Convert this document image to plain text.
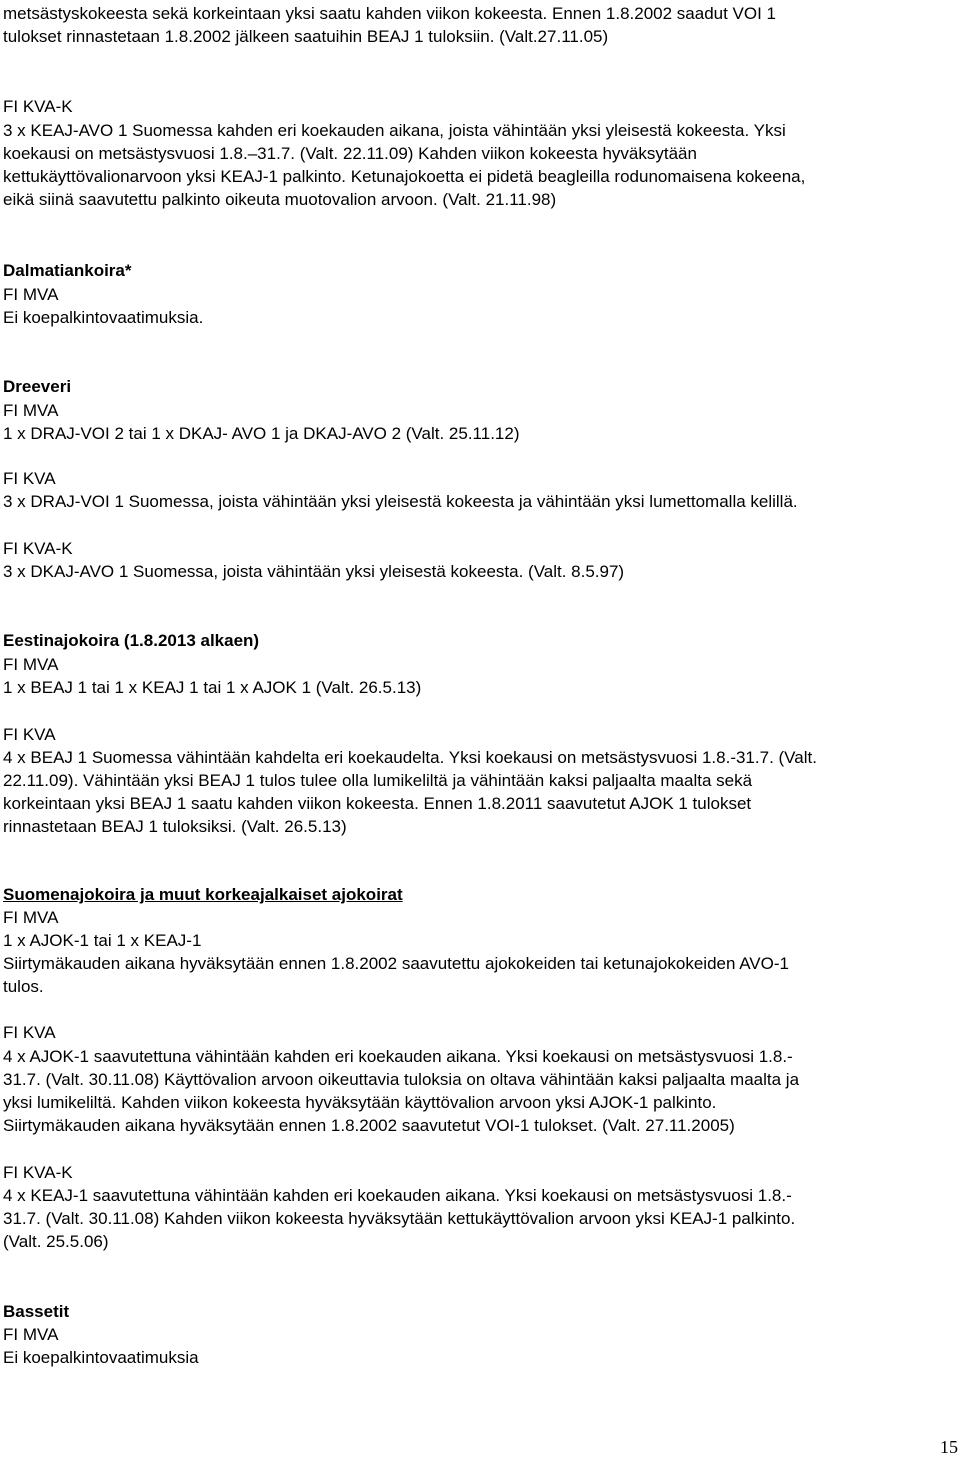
metsästyskokeesta sekä korkeintaan yksi saatu kahden viikon kokeesta. Ennen 1.8.2002 saadut VOI 1
tulokset rinnastetaan 1.8.2002 jälkeen saatuihin BEAJ 1 tuloksiin. (Valt.27.11.05)
FI KVA-K
3 x KEAJ-AVO 1 Suomessa kahden eri koekauden aikana, joista vähintään yksi yleisestä kokeesta. Yksi
koekausi on metsästysvuosi 1.8.–31.7. (Valt. 22.11.09) Kahden viikon kokeesta hyväksytään
kettukäyttövalionarvoon yksi KEAJ-1 palkinto. Ketunajokoetta ei pidetä beagleilla rodunomaisena kokeena,
eikä siinä saavutettu palkinto oikeuta muotovalion arvoon. (Valt. 21.11.98)
Dalmatiankoira*
FI MVA
Ei koepalkintovaatimuksia.
Dreeveri
FI MVA
1 x DRAJ-VOI 2 tai 1 x DKAJ- AVO 1 ja DKAJ-AVO 2 (Valt. 25.11.12)
FI KVA
3 x DRAJ-VOI 1 Suomessa, joista vähintään yksi yleisestä kokeesta ja vähintään yksi lumettomalla kelillä.
FI KVA-K
3 x DKAJ-AVO 1 Suomessa, joista vähintään yksi yleisestä kokeesta. (Valt. 8.5.97)
Eestinajokoira (1.8.2013 alkaen)
FI MVA
1 x BEAJ 1 tai 1 x KEAJ 1 tai 1 x AJOK 1 (Valt. 26.5.13)
FI KVA
4 x BEAJ 1 Suomessa vähintään kahdelta eri koekaudelta. Yksi koekausi on metsästysvuosi 1.8.-31.7. (Valt.
22.11.09). Vähintään yksi BEAJ 1 tulos tulee olla lumikeliltä ja vähintään kaksi paljaalta maalta sekä
korkeintaan yksi BEAJ 1 saatu kahden viikon kokeesta. Ennen 1.8.2011 saavutetut AJOK 1 tulokset
rinnastetaan BEAJ 1 tuloksiksi. (Valt. 26.5.13)
Suomenajokoira ja muut korkeajalkaiset ajokoirat
FI MVA
1 x AJOK-1 tai 1 x KEAJ-1
Siirtymäkauden aikana hyväksytään ennen 1.8.2002 saavutettu ajokokeiden tai ketunajokokeiden AVO-1
tulos.
FI KVA
4 x AJOK-1 saavutettuna vähintään kahden eri koekauden aikana. Yksi koekausi on metsästysvuosi 1.8.-
31.7. (Valt. 30.11.08) Käyttövalion arvoon oikeuttavia tuloksia on oltava vähintään kaksi paljaalta maalta ja
yksi lumikeliltä. Kahden viikon kokeesta hyväksytään käyttövalion arvoon yksi AJOK-1 palkinto.
Siirtymäkauden aikana hyväksytään ennen 1.8.2002 saavutetut VOI-1 tulokset. (Valt. 27.11.2005)
FI KVA-K
4 x KEAJ-1 saavutettuna vähintään kahden eri koekauden aikana. Yksi koekausi on metsästysvuosi 1.8.-
31.7. (Valt. 30.11.08) Kahden viikon kokeesta hyväksytään kettukäyttövalion arvoon yksi KEAJ-1 palkinto.
(Valt. 25.5.06)
Bassetit
FI MVA
Ei koepalkintovaatimuksia
15
